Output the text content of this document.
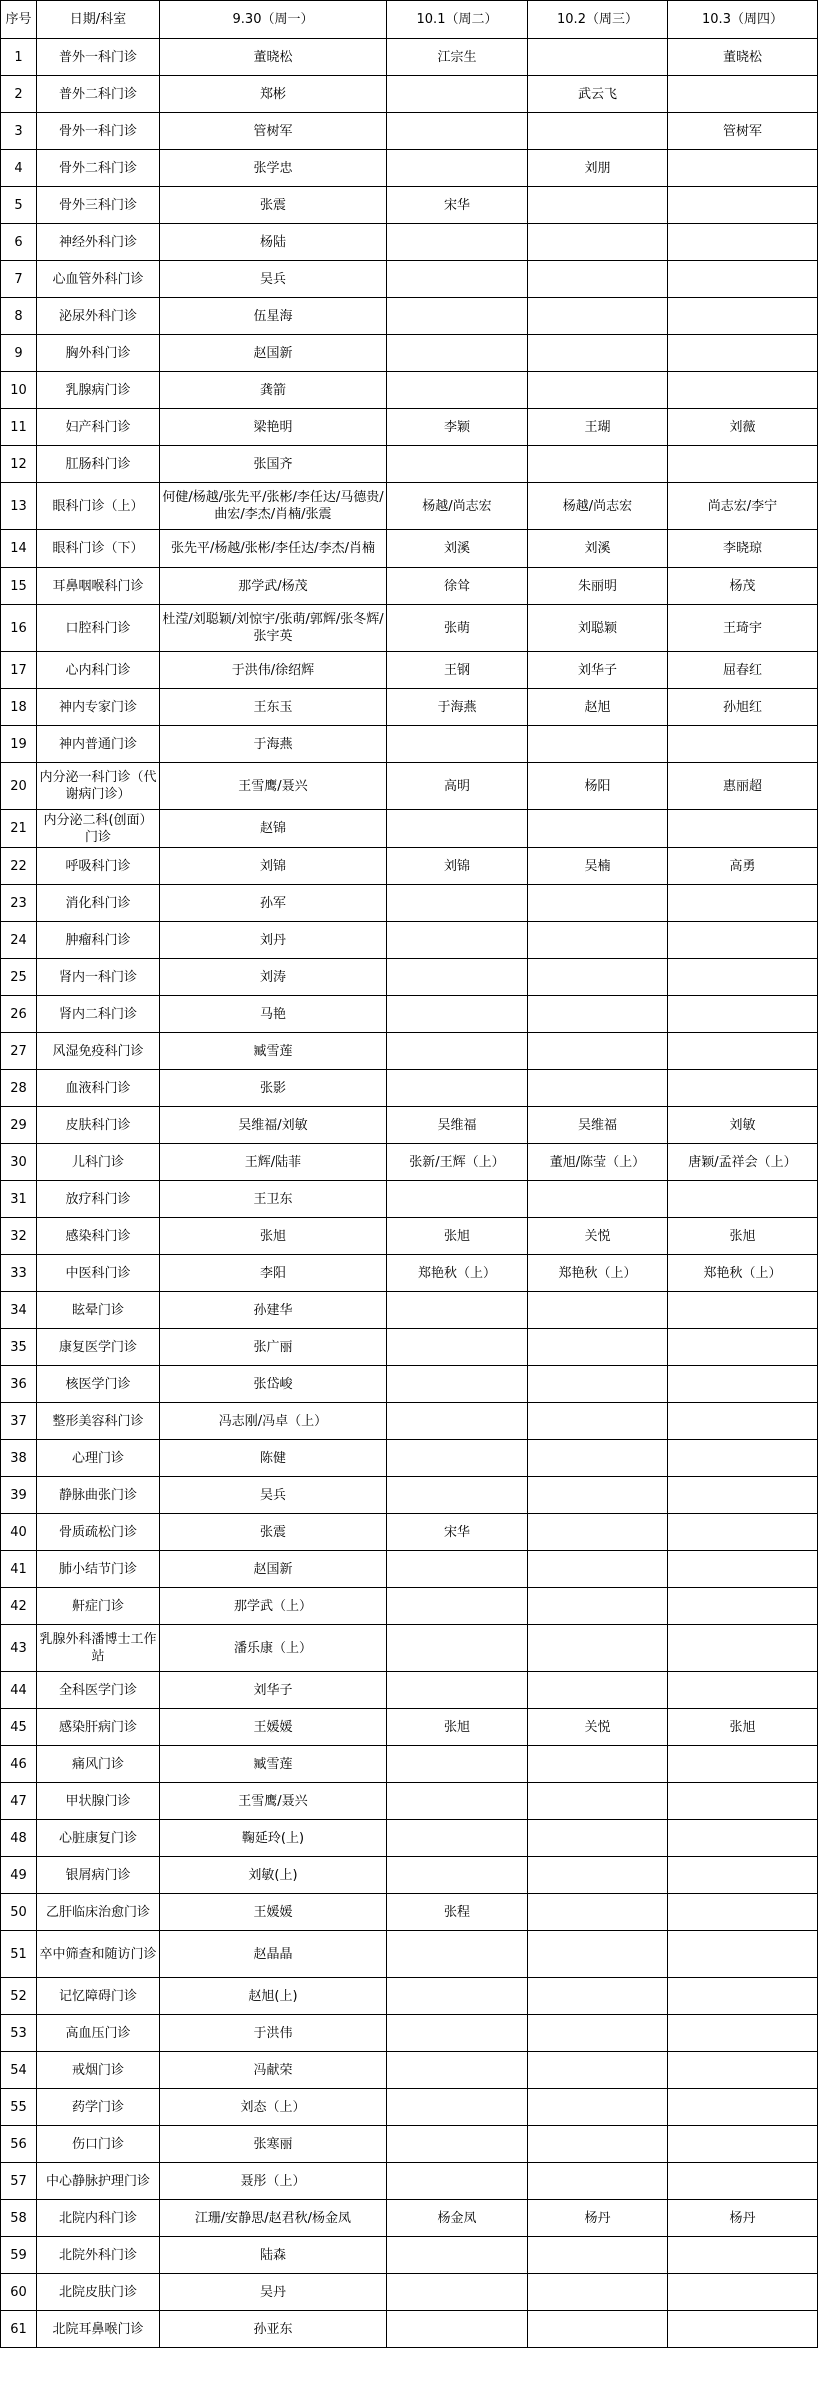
序号	日期/科室	9.30（周一）	10.1（周二）	10.2（周三）	10.3（周四）
1	普外一科门诊	董晓松	江宗生		董晓松
2	普外二科门诊	郑彬		武云飞	
3	骨外一科门诊	管树军			管树军
4	骨外二科门诊	张学忠		刘朋	
5	骨外三科门诊	张震	宋华		
6	神经外科门诊	杨陆			
7	心血管外科门诊	吴兵			
8	泌尿外科门诊	伍星海			
9	胸外科门诊	赵国新			
10	乳腺病门诊	龚箭			
11	妇产科门诊	梁艳明	李颖	王瑚	刘薇
12	肛肠科门诊	张国齐			
13	眼科门诊（上）	何健/杨越/张先平/张彬/李任达/马德贵/曲宏/李杰/肖楠/张震	杨越/尚志宏	杨越/尚志宏	尚志宏/李宁
14	眼科门诊（下）	张先平/杨越/张彬/李任达/李杰/肖楠	刘溪	刘溪	李晓琼
15	耳鼻咽喉科门诊	那学武/杨茂	徐耸	朱丽明	杨茂
16	口腔科门诊	杜滢/刘聪颖/刘惊宇/张萌/郭辉/张冬辉/张宇英	张萌	刘聪颖	王琦宇
17	心内科门诊	于洪伟/徐绍辉	王钢	刘华子	屈春红
18	神内专家门诊	王东玉	于海燕	赵旭	孙旭红
19	神内普通门诊	于海燕			
20	内分泌一科门诊（代谢病门诊）	王雪鹰/聂兴	高明	杨阳	惠丽超
21	内分泌二科(创面）门诊	赵锦			
22	呼吸科门诊	刘锦	刘锦	吴楠	高勇
23	消化科门诊	孙军			
24	肿瘤科门诊	刘丹			
25	肾内一科门诊	刘涛			
26	肾内二科门诊	马艳			
27	风湿免疫科门诊	臧雪莲			
28	血液科门诊	张影			
29	皮肤科门诊	吴维福/刘敏	吴维福	吴维福	刘敏
30	儿科门诊	王辉/陆菲	张新/王辉（上）	董旭/陈莹（上）	唐颖/孟祥会（上）
31	放疗科门诊	王卫东			
32	感染科门诊	张旭	张旭	关悦	张旭
33	中医科门诊	李阳	郑艳秋（上）	郑艳秋（上）	郑艳秋（上）
34	眩晕门诊	孙建华			
35	康复医学门诊	张广丽			
36	核医学门诊	张岱峻			
37	整形美容科门诊	冯志刚/冯卓（上）			
38	心理门诊	陈健			
39	静脉曲张门诊	吴兵			
40	骨质疏松门诊	张震	宋华		
41	肺小结节门诊	赵国新			
42	鼾症门诊	那学武（上）			
43	乳腺外科潘博士工作站	潘乐康（上）			
44	全科医学门诊	刘华子			
45	感染肝病门诊	王媛媛	张旭	关悦	张旭
46	痛风门诊	臧雪莲			
47	甲状腺门诊	王雪鹰/聂兴			
48	心脏康复门诊	鞠延玲(上)			
49	银屑病门诊	刘敏(上)			
50	乙肝临床治愈门诊	王媛媛	张程		
51	卒中筛查和随访门诊	赵晶晶			
52	记忆障碍门诊	赵旭(上)			
53	高血压门诊	于洪伟			
54	戒烟门诊	冯献荣			
55	药学门诊	刘态（上）			
56	伤口门诊	张寒丽			
57	中心静脉护理门诊	聂彤（上）			
58	北院内科门诊	江珊/安静思/赵君秋/杨金凤	杨金凤	杨丹	杨丹
59	北院外科门诊	陆森			
60	北院皮肤门诊	吴丹			
61	北院耳鼻喉门诊	孙亚东			
